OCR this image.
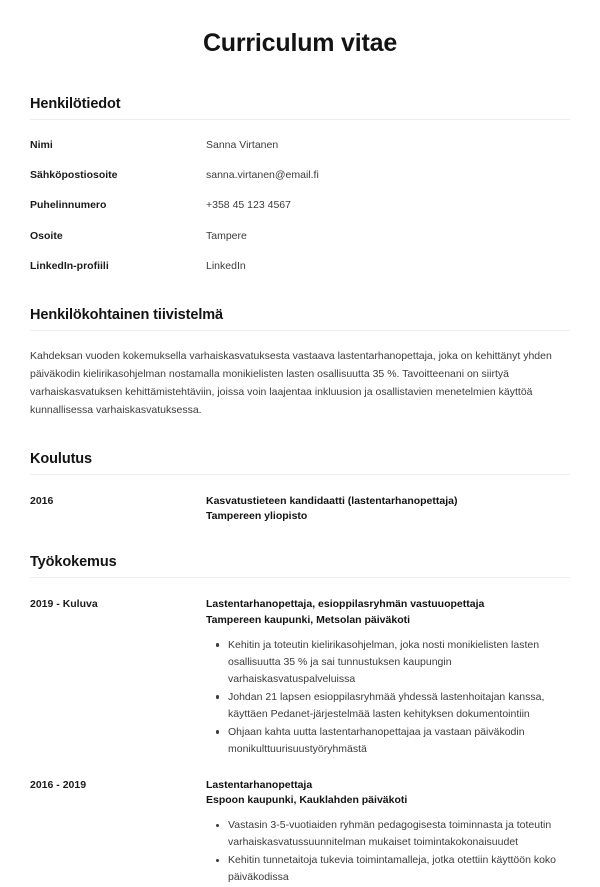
Curriculum vitae
Henkilötiedot
Nimi	Sanna Virtanen
Sähköpostiosoite	sanna.virtanen@email.fi
Puhelinnumero	+358 45 123 4567
Osoite	Tampere
LinkedIn-profiili	LinkedIn
Henkilökohtainen tiivistelmä

Kahdeksan vuoden kokemuksella varhaiskasvatuksesta vastaava lastentarhanopettaja, joka on kehittänyt yhden päiväkodin kielirikasohjelman nostamalla monikielisten lasten osallisuutta 35 %. Tavoitteenani on siirtyä varhaiskasvatuksen kehittämistehtäviin, joissa voin laajentaa inkluusion ja osallistavien menetelmien käyttöä kunnallisessa varhaiskasvatuksessa.

Koulutus
2016	Kasvatustieteen kandidaatti (lastentarhanopettaja)
Tampereen yliopisto
Työkokemus
2019 - Kuluva	Lastentarhanopettaja, esioppilasryhmän vastuuopettaja
Tampereen kaupunki, Metsolan päiväkoti
Kehitin ja toteutin kielirikasohjelman, joka nosti monikielisten lasten osallisuutta 35 % ja sai tunnustuksen kaupungin varhaiskasvatuspalveluissa
Johdan 21 lapsen esioppilasryhmää yhdessä lastenhoitajan kanssa, käyttäen Pedanet-järjestelmää lasten kehityksen dokumentointiin
Ohjaan kahta uutta lastentarhanopettajaa ja vastaan päiväkodin monikulttuurisuustyöryhmästä
2016 - 2019	Lastentarhanopettaja
Espoon kaupunki, Kauklahden päiväkoti
Vastasin 3-5-vuotiaiden ryhmän pedagogisesta toiminnasta ja toteutin varhaiskasvatussuunnitelman mukaiset toimintakokonaisuudet
Kehitin tunnetaitoja tukevia toimintamalleja, jotka otettiin käyttöön koko päiväkodissa
